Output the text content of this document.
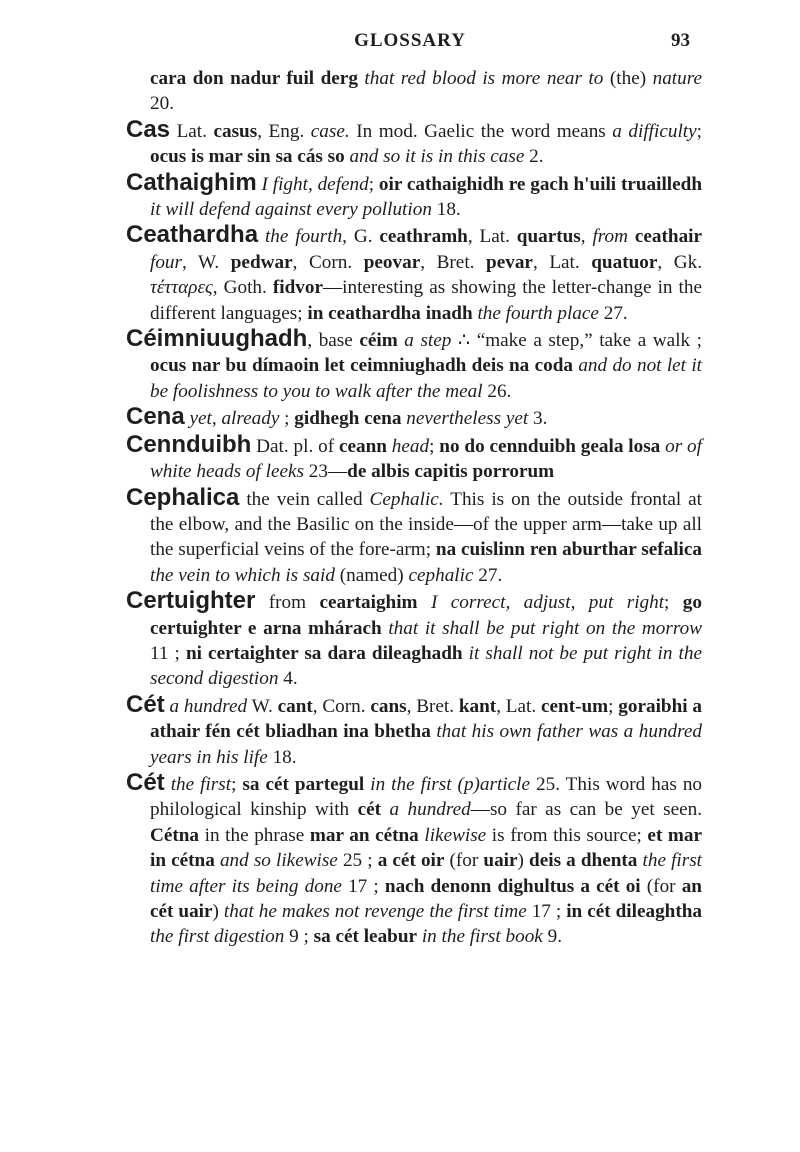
GLOSSARY	93

cara don nadur fuil derg that red blood is more near to (the) nature 20.

Cas Lat. casus, Eng. case. In mod. Gaelic the word means a difficulty; ocus is mar sin sa cás so and so it is in this case 2.

Cathaighim I fight, defend; oir cathaighidh re gach h'uili truailledh it will defend against every pollution 18.

Ceathardha the fourth, G. ceathramh, Lat. quartus, from ceathair four, W. pedwar, Corn. peovar, Bret. pevar, Lat. quatuor, Gk. τέτταρες, Goth. fidvor—interesting as showing the letter-change in the different languages; in ceathardha inadh the fourth place 27.

Céimniuughadh, base céim a step ∴ “make a step,” take a walk ; ocus nar bu dímaoin let ceimniughadh deis na coda and do not let it be foolishness to you to walk after the meal 26.

Cena yet, already ; gidhegh cena nevertheless yet 3.

Cennduibh Dat. pl. of ceann head; no do cennduibh geala losa or of white heads of leeks 23—de albis capitis porrorum

Cephalica the vein called Cephalic. This is on the outside frontal at the elbow, and the Basilic on the inside—of the upper arm—take up all the superficial veins of the fore-arm; na cuislinn ren aburthar sefalica the vein to which is said (named) cephalic 27.

Certuighter from ceartaighim I correct, adjust, put right; go certuighter e arna mhárach that it shall be put right on the morrow 11 ; ni certaighter sa dara dileaghadh it shall not be put right in the second digestion 4.

Cét a hundred W. cant, Corn. cans, Bret. kant, Lat. cent-um; goraibhi a athair fén cét bliadhan ina bhetha that his own father was a hundred years in his life 18.

Cét the first; sa cét partegul in the first (p)article 25. This word has no philological kinship with cét a hundred—so far as can be yet seen. Cétna in the phrase mar an cétna likewise is from this source; et mar in cétna and so likewise 25 ; a cét oir (for uair) deis a dhenta the first time after its being done 17 ; nach denonn dighultus a cét oi (for an cét uair) that he makes not revenge the first time 17 ; in cét dileaghtha the first digestion 9 ; sa cét leabur in the first book 9.
